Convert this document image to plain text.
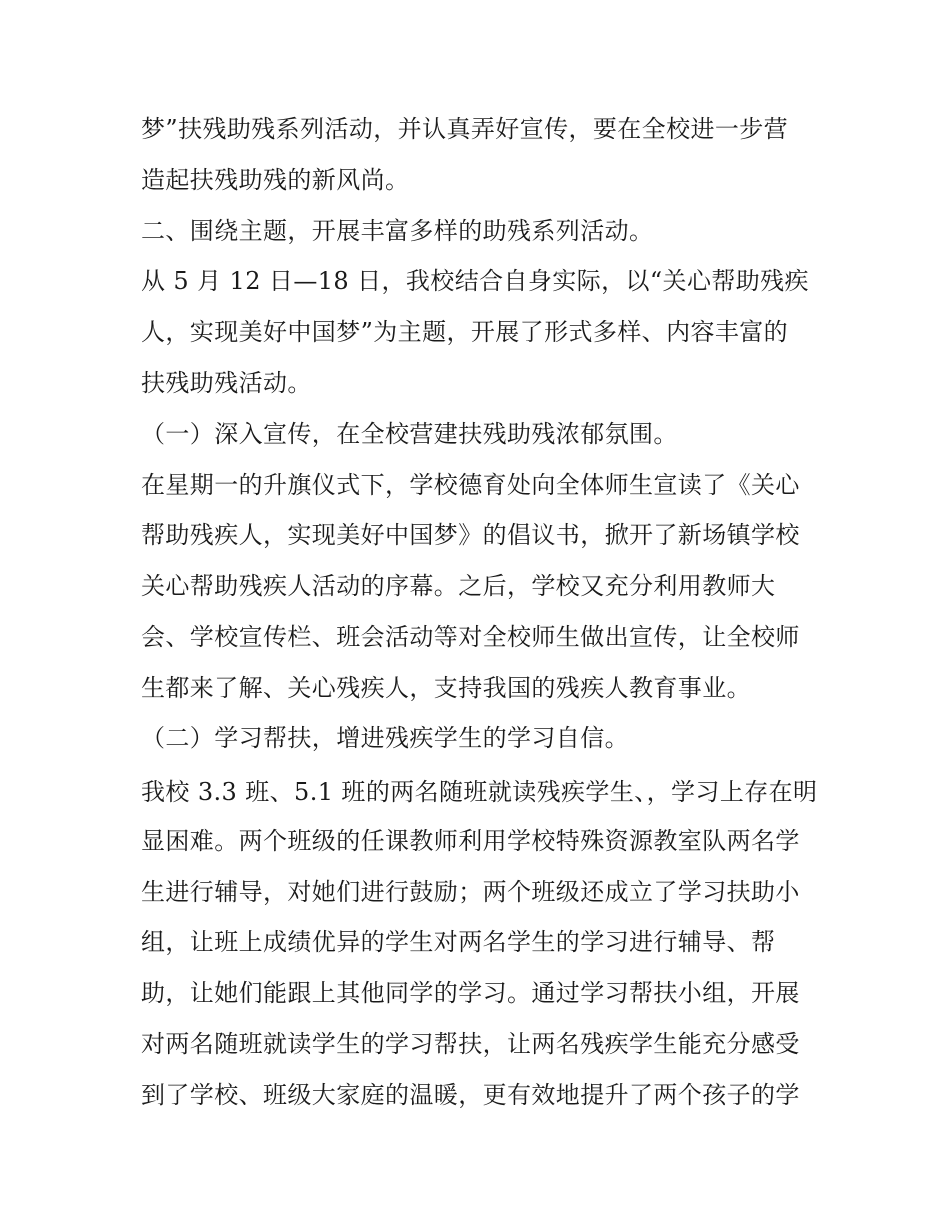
梦”扶残助残系列活动，并认真弄好宣传，要在全校进一步营
造起扶残助残的新风尚。
二、围绕主题，开展丰富多样的助残系列活动。
从 5 月 12 日—18 日，我校结合自身实际，以“关心帮助残疾
人，实现美好中国梦”为主题，开展了形式多样、内容丰富的
扶残助残活动。
（一）深入宣传，在全校营建扶残助残浓郁氛围。
在星期一的升旗仪式下，学校德育处向全体师生宣读了《关心
帮助残疾人，实现美好中国梦》的倡议书，掀开了新场镇学校
关心帮助残疾人活动的序幕。之后，学校又充分利用教师大
会、学校宣传栏、班会活动等对全校师生做出宣传，让全校师
生都来了解、关心残疾人，支持我国的残疾人教育事业。
（二）学习帮扶，增进残疾学生的学习自信。
我校 3.3 班、5.1 班的两名随班就读残疾学生、，学习上存在明
显困难。两个班级的任课教师利用学校特殊资源教室队两名学
生进行辅导，对她们进行鼓励；两个班级还成立了学习扶助小
组，让班上成绩优异的学生对两名学生的学习进行辅导、帮
助，让她们能跟上其他同学的学习。通过学习帮扶小组，开展
对两名随班就读学生的学习帮扶，让两名残疾学生能充分感受
到了学校、班级大家庭的温暖，更有效地提升了两个孩子的学
